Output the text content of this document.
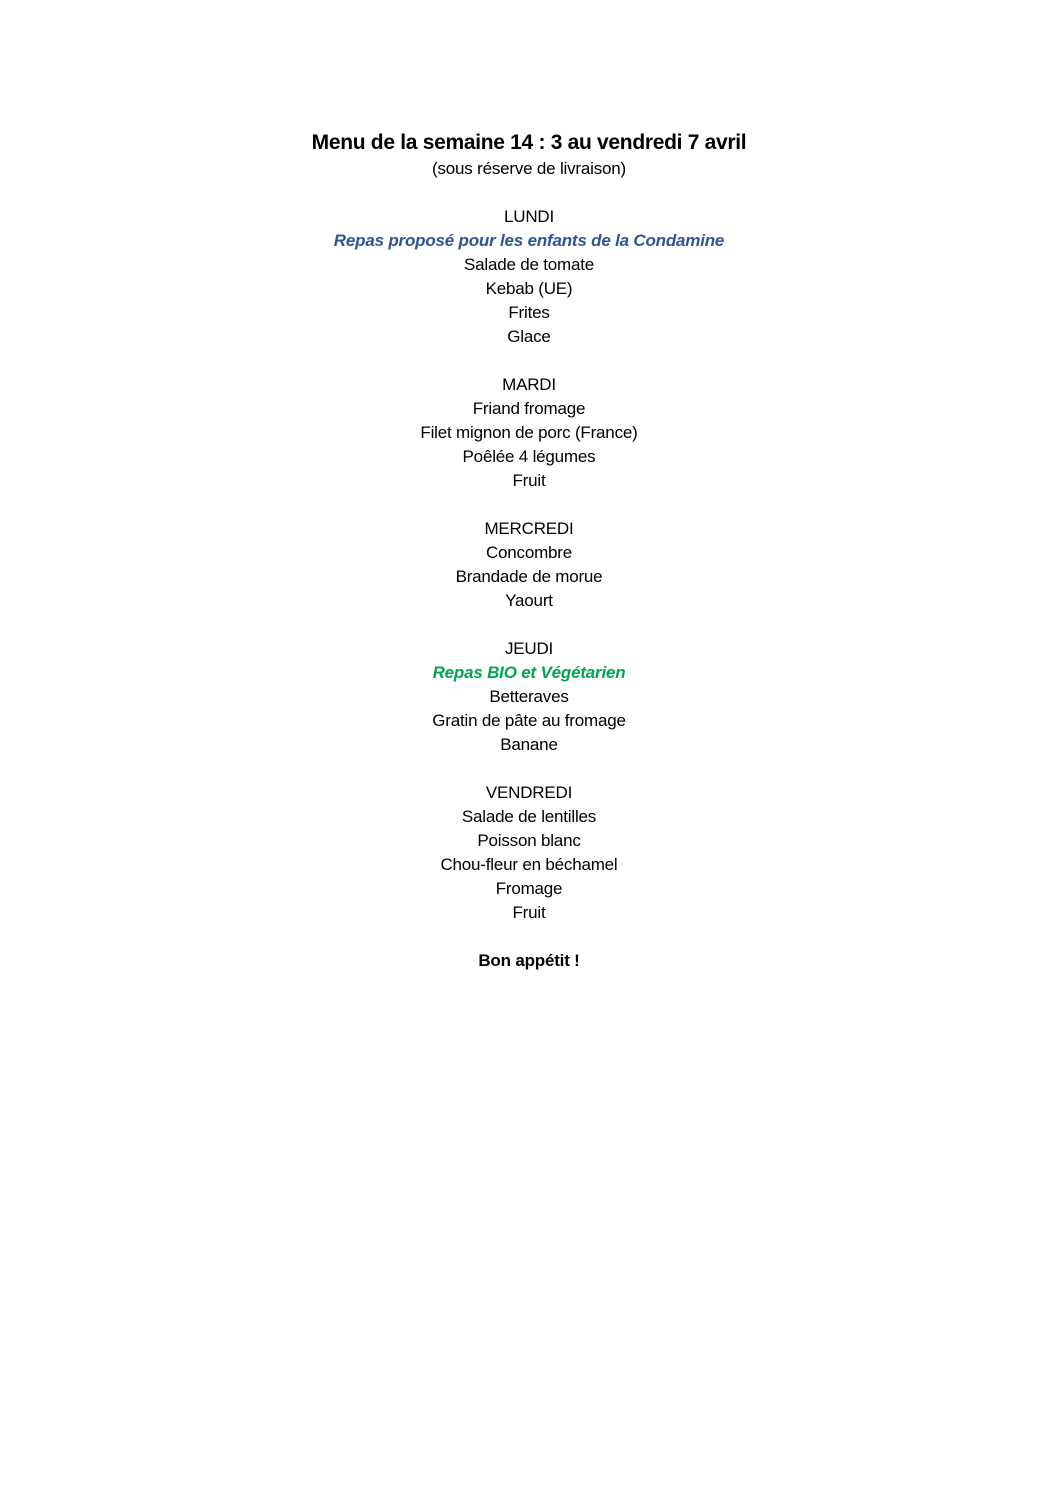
Menu de la semaine 14 : 3 au vendredi 7 avril
(sous réserve de livraison)
LUNDI
Repas proposé pour les enfants de la Condamine
Salade de tomate
Kebab (UE)
Frites
Glace
MARDI
Friand fromage
Filet mignon de porc (France)
Poêlée 4 légumes
Fruit
MERCREDI
Concombre
Brandade de morue
Yaourt
JEUDI
Repas BIO et Végétarien
Betteraves
Gratin de pâte au fromage
Banane
VENDREDI
Salade de lentilles
Poisson blanc
Chou-fleur en béchamel
Fromage
Fruit
Bon appétit !
